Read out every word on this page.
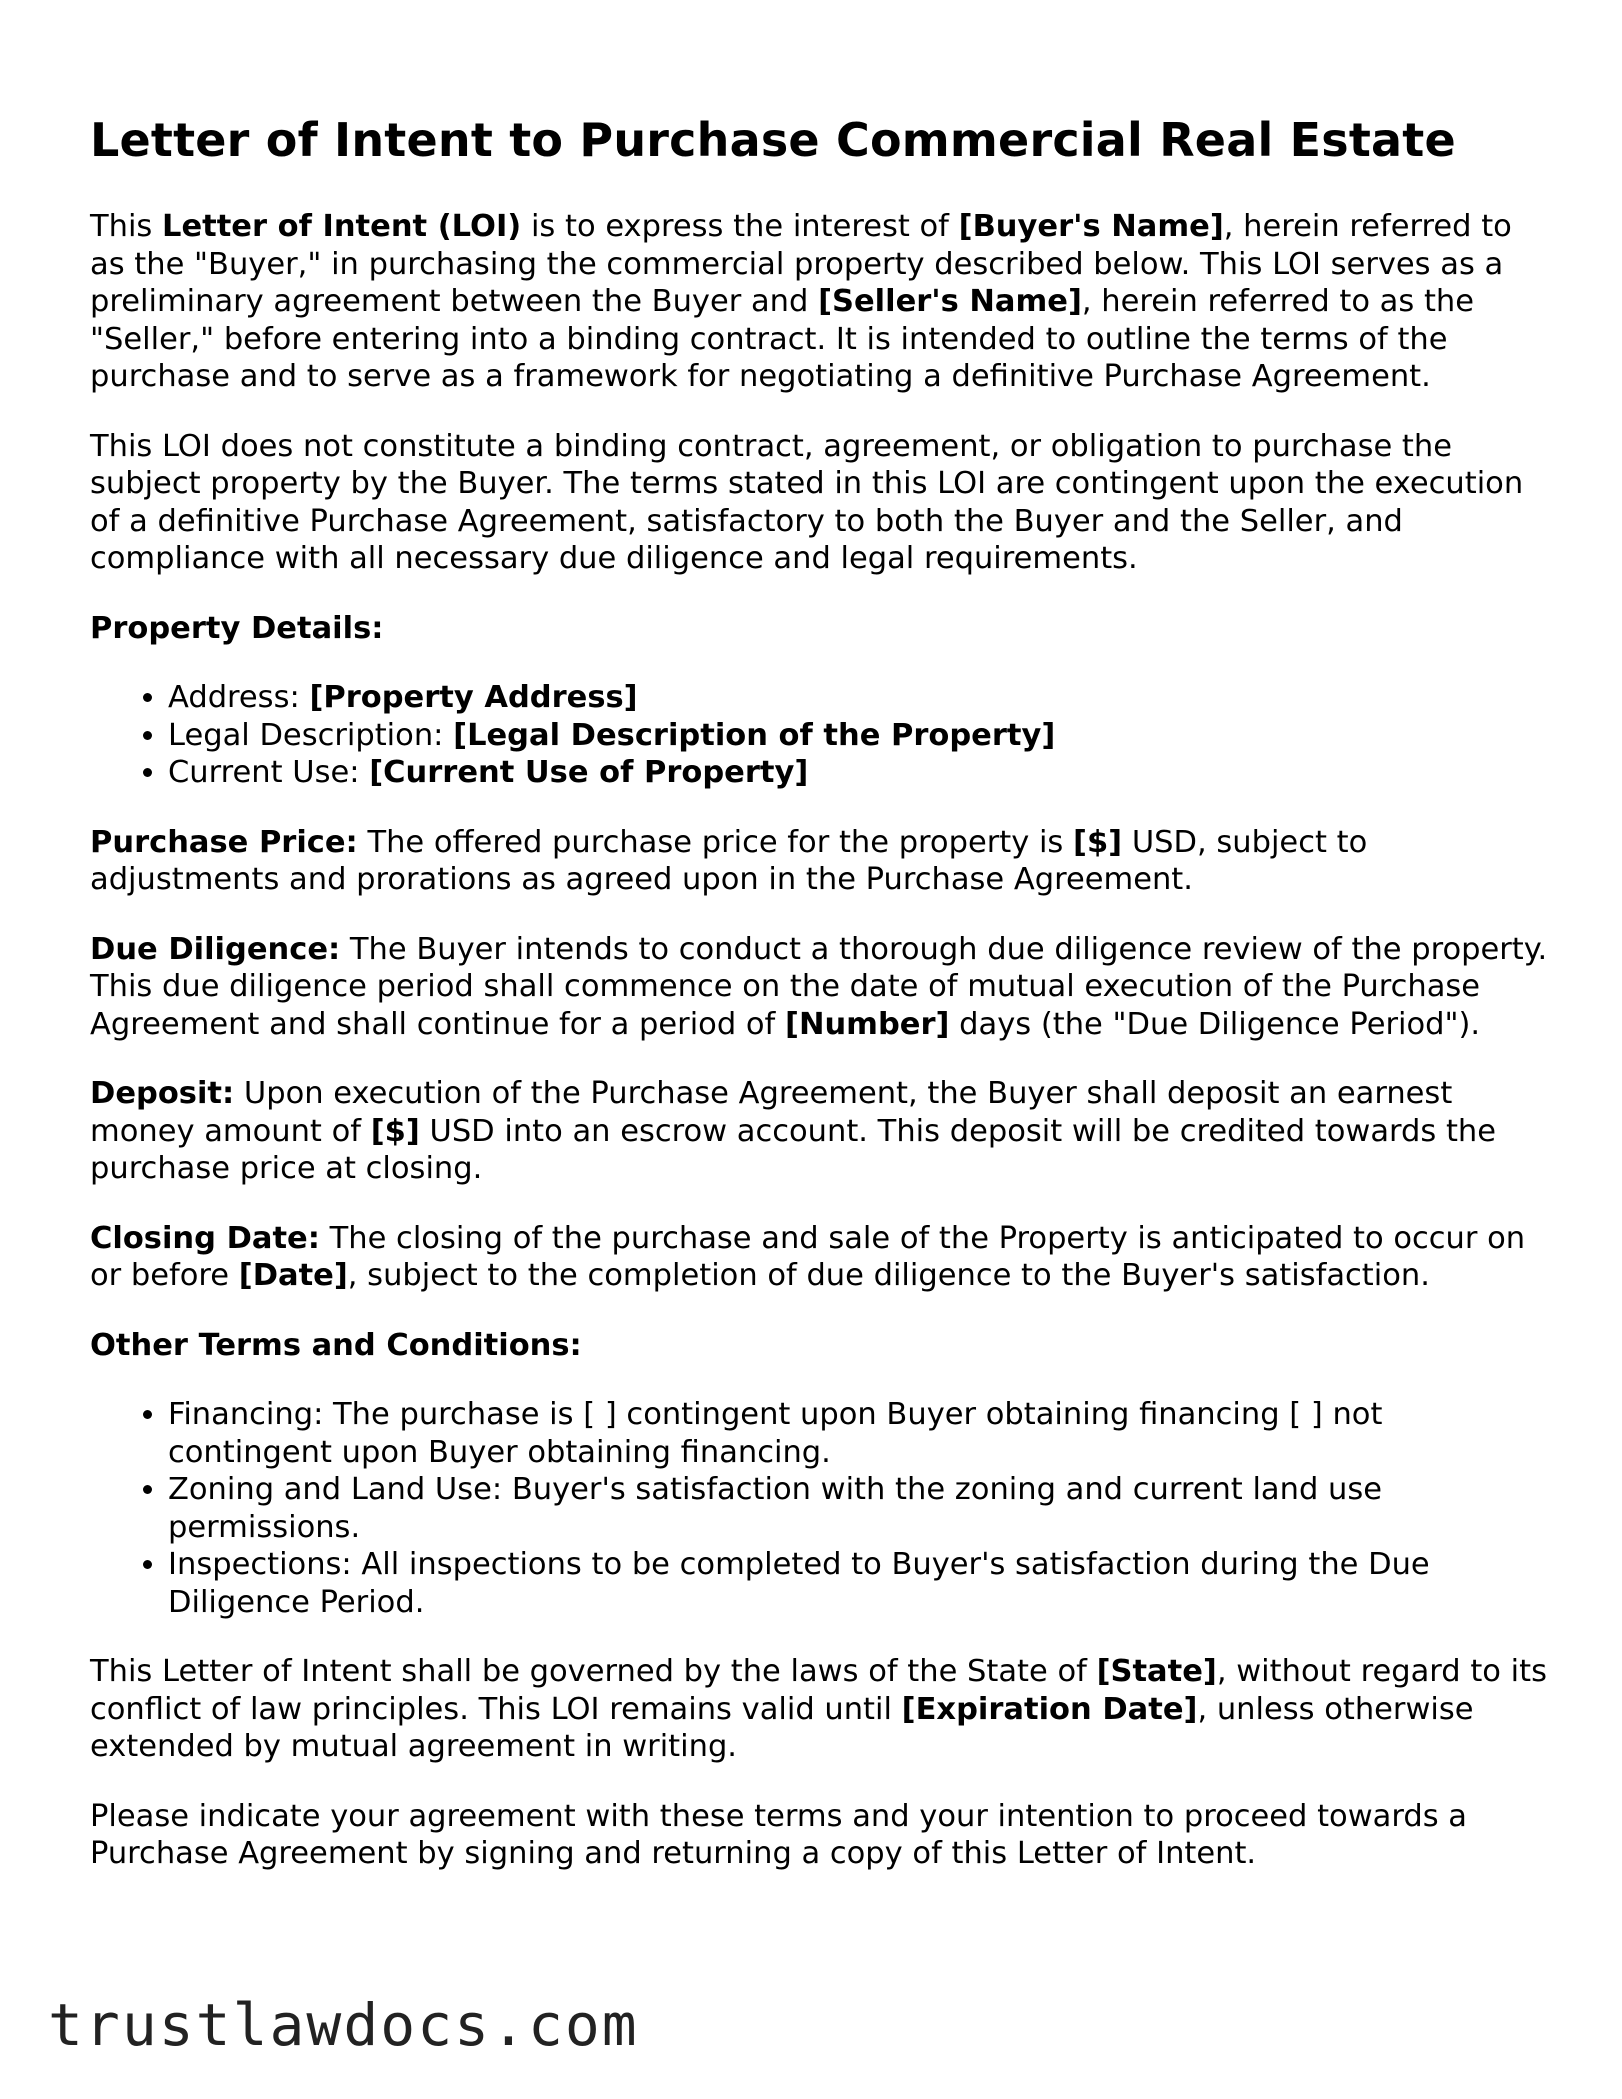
Letter of Intent to Purchase Commercial Real Estate

This Letter of Intent (LOI) is to express the interest of [Buyer's Name], herein referred to as the "Buyer," in purchasing the commercial property described below. This LOI serves as a preliminary agreement between the Buyer and [Seller's Name], herein referred to as the "Seller," before entering into a binding contract. It is intended to outline the terms of the purchase and to serve as a framework for negotiating a definitive Purchase Agreement.

This LOI does not constitute a binding contract, agreement, or obligation to purchase the subject property by the Buyer. The terms stated in this LOI are contingent upon the execution of a definitive Purchase Agreement, satisfactory to both the Buyer and the Seller, and compliance with all necessary due diligence and legal requirements.

Property Details:
• Address: [Property Address]
• Legal Description: [Legal Description of the Property]
• Current Use: [Current Use of Property]

Purchase Price: The offered purchase price for the property is [$] USD, subject to adjustments and prorations as agreed upon in the Purchase Agreement.

Due Diligence: The Buyer intends to conduct a thorough due diligence review of the property. This due diligence period shall commence on the date of mutual execution of the Purchase Agreement and shall continue for a period of [Number] days (the "Due Diligence Period").

Deposit: Upon execution of the Purchase Agreement, the Buyer shall deposit an earnest money amount of [$] USD into an escrow account. This deposit will be credited towards the purchase price at closing.

Closing Date: The closing of the purchase and sale of the Property is anticipated to occur on or before [Date], subject to the completion of due diligence to the Buyer's satisfaction.

Other Terms and Conditions:
• Financing: The purchase is [ ] contingent upon Buyer obtaining financing [ ] not contingent upon Buyer obtaining financing.
• Zoning and Land Use: Buyer's satisfaction with the zoning and current land use permissions.
• Inspections: All inspections to be completed to Buyer's satisfaction during the Due Diligence Period.

This Letter of Intent shall be governed by the laws of the State of [State], without regard to its conflict of law principles. This LOI remains valid until [Expiration Date], unless otherwise extended by mutual agreement in writing.

Please indicate your agreement with these terms and your intention to proceed towards a Purchase Agreement by signing and returning a copy of this Letter of Intent.

trustlawdocs.com
